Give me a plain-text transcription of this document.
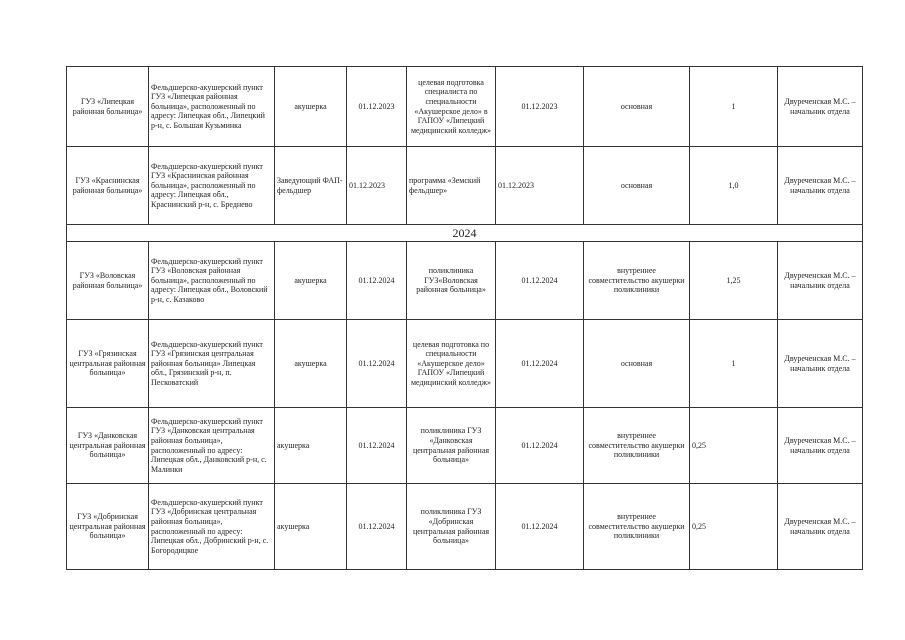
ГУЗ «Липецкая районная больница»	Фельдшерско-акушерский пункт ГУЗ «Липецкая районная больница», расположенный по адресу: Липецкая обл., Липецкий р-н, с. Большая Кузьминка	акушерка	01.12.2023	целевая подготовка специалиста по специальности «Акушерское дело» в ГАПОУ «Липецкий медицинский колледж»	01.12.2023	основная	1	Двуреченская М.С. – начальник отдела
ГУЗ «Краснинская районная больница»	Фельдшерско-акушерский пункт ГУЗ «Краснинская районная больница», расположенный по адресу: Липецкая обл., Краснинский р-н, с. Бреднево	Заведующий ФАП-фельдшер	01.12.2023	программа «Земский фельдшер»	01.12.2023	основная	1,0	Двуреченская М.С. – начальник отдела
2024								
ГУЗ «Воловская районная больница»	Фельдшерско-акушерский пункт ГУЗ «Воловская районная больница», расположенный по адресу: Липецкая обл., Воловский р-н, с. Казаково	акушерка	01.12.2024	поликлиника ГУЗ«Воловская районная больница»	01.12.2024	внутреннее совместительство акушерки поликлиники	1,25	Двуреченская М.С. – начальник отдела
ГУЗ «Грязинская центральная районная больница»	Фельдшерско-акушерский пункт ГУЗ «Грязинская центральная районная больница» Липецкая обл., Грязинский р-н, п. Песковатский	акушерка	01.12.2024	целевая подготовка по специальности «Акушерское дело» ГАПОУ «Липецкий медицинский колледж»	01.12.2024	основная	1	Двуреченская М.С. – начальник отдела
ГУЗ «Данковская центральная районная больница»	Фельдшерско-акушерский пункт ГУЗ «Данковская центральная районная больница», расположенный по адресу: Липецкая обл., Данковский р-н, с. Малинки	акушерка	01.12.2024	поликлиника ГУЗ «Данковская центральная районная больница»	01.12.2024	внутреннее совместительство акушерки поликлиники	0,25	Двуреченская М.С. – начальник отдела
ГУЗ «Добринская центральная районная больница»	Фельдшерско-акушерский пункт ГУЗ «Добринская центральная районная больница», расположенный по адресу: Липецкая обл., Добринский р-н, с. Богородицкое	акушерка	01.12.2024	поликлиника ГУЗ «Добринская центральная районная больница»	01.12.2024	внутреннее совместительство акушерки поликлиники	0,25	Двуреченская М.С. – начальник отдела
